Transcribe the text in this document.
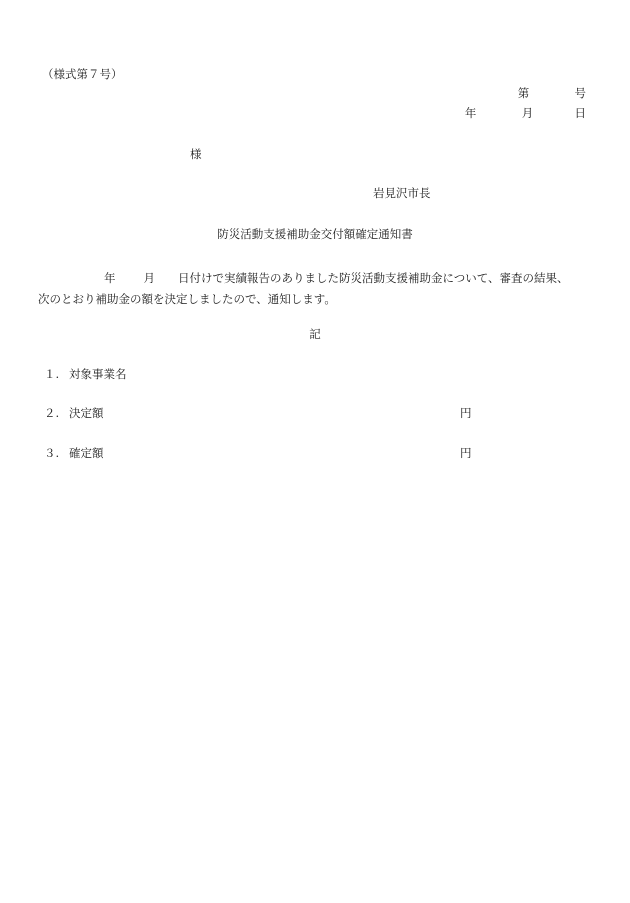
（様式第７号）
第	号
年	月	日
様
岩見沢市長
防災活動支援補助金交付額確定通知書
年 月 日付けで実績報告のありました防災活動支援補助金について、審査の結果、
次のとおり補助金の額を決定しましたので、通知します。
記
１. 対象事業名
２. 決定額	円
３. 確定額	円
